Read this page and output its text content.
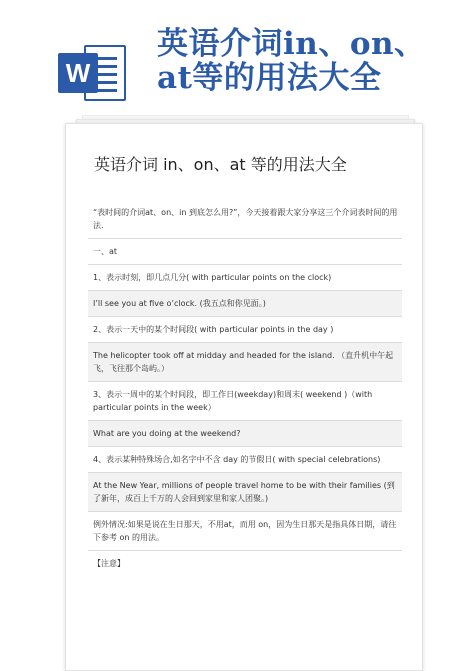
W
英语介词in、on、at等的用法大全
英语介词 in、on、at 等的用法大全
“表时间的介词at、on、in 到底怎么用?”，今天接着跟大家分享这三个介词表时间的用法.
一、at
1、表示时刻，即几点几分( with particular points on the clock)
I’ll see you at five o’clock. (我五点和你见面。)
2、表示一天中的某个时间段( with particular points in the day )
The helicopter took off at midday and headed for the island. （直升机中午起飞，飞往那个岛屿。）
3、表示一周中的某个时间段，即工作日(weekday)和周末( weekend )（with particular points in the week）
What are you doing at the weekend?
4、表示某种特殊场合,如名字中不含 day 的节假日( with special celebrations)
At the New Year, millions of people travel home to be with their families (到了新年，成百上千万的人会回到家里和家人团聚。)
例外情况:如果是说在生日那天，不用at，而用 on，因为生日那天是指具体日期，请往下参考 on 的用法。
【注意】
